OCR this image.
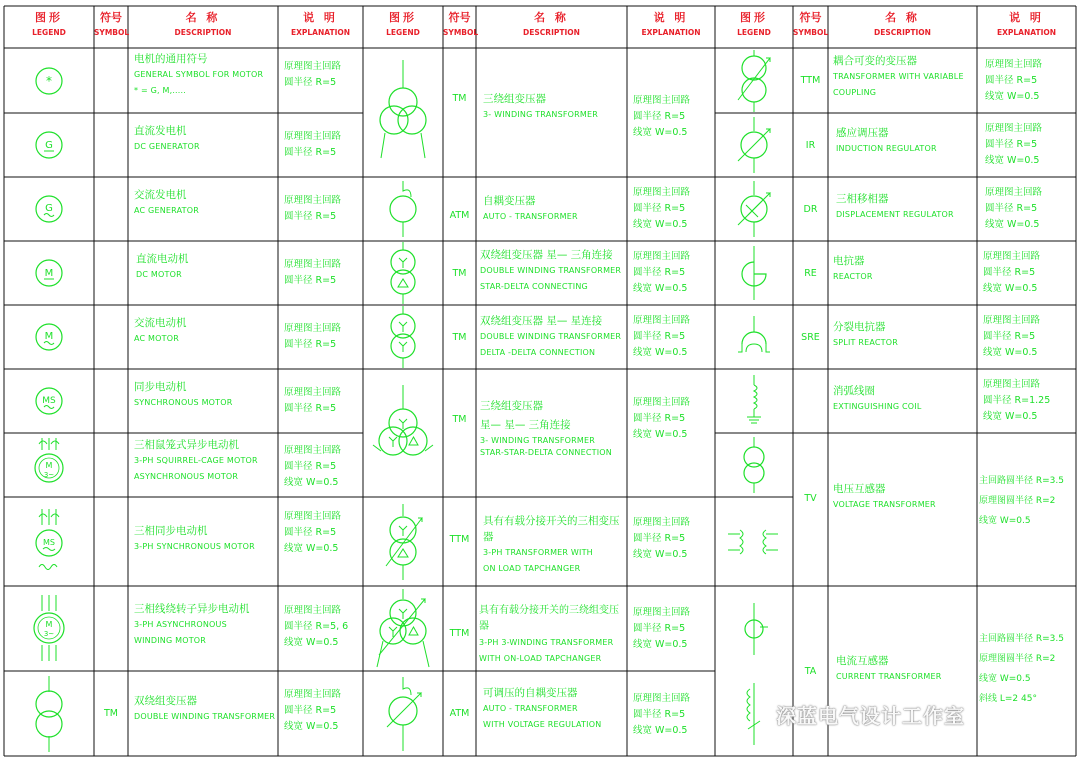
图形
LEGEND
符号
SYMBOL
名 称
DESCRIPTION
说 明
EXPLANATION
图形
LEGEND
符号
SYMBOL
名 称
DESCRIPTION
说 明
EXPLANATION
图形
LEGEND
符号
SYMBOL
名 称
DESCRIPTION
说 明
EXPLANATION
*
G
G
M
M
MS
M
3~
MS
M
3~
TM
电机的通用符号
GENERAL SYMBOL FOR MOTOR
* = G, M,.....
直流发电机
DC GENERATOR
交流发电机
AC GENERATOR
直流电动机
DC MOTOR
交流电动机
AC MOTOR
同步电动机
SYNCHRONOUS MOTOR
三相鼠笼式异步电动机
3-PH SQUIRREL-CAGE MOTOR
ASYNCHRONOUS MOTOR
三相同步电动机
3-PH SYNCHRONOUS MOTOR
三相线绕转子异步电动机
3-PH ASYNCHRONOUS
WINDING MOTOR
双绕组变压器
DOUBLE WINDING TRANSFORMER
原理图主回路
圆半径 R=5
原理图主回路
圆半径 R=5
原理图主回路
圆半径 R=5
原理图主回路
圆半径 R=5
原理图主回路
圆半径 R=5
原理图主回路
圆半径 R=5
原理图主回路
圆半径 R=5
线宽 W=0.5
原理图主回路
圆半径 R=5
线宽 W=0.5
原理图主回路
圆半径 R=5, 6
线宽 W=0.5
原理图主回路
圆半径 R=5
线宽 W=0.5
TM
ATM
TM
TM
TM
TTM
TTM
ATM
三绕组变压器
3- WINDING TRANSFORMER
自耦变压器
AUTO - TRANSFORMER
双绕组变压器 星— 三角连接
DOUBLE WINDING TRANSFORMER
STAR-DELTA CONNECTING
双绕组变压器 星— 星连接
DOUBLE WINDING TRANSFORMER
DELTA -DELTA CONNECTION
三绕组变压器
星— 星— 三角连接
3- WINDING TRANSFORMER
STAR-STAR-DELTA CONNECTION
具有有载分接开关的三相变压器
3-PH TRANSFORMER WITH
ON LOAD TAPCHANGER
具有有载分接开关的三绕组变压器
3-PH 3-WINDING TRANSFORMER
WITH ON-LOAD TAPCHANGER
可调压的自耦变压器
AUTO - TRANSFORMER
WITH VOLTAGE REGULATION
原理图主回路
圆半径 R=5
线宽 W=0.5
原理图主回路
圆半径 R=5
线宽 W=0.5
原理图主回路
圆半径 R=5
线宽 W=0.5
原理图主回路
圆半径 R=5
线宽 W=0.5
原理图主回路
圆半径 R=5
线宽 W=0.5
原理图主回路
圆半径 R=5
线宽 W=0.5
原理图主回路
圆半径 R=5
线宽 W=0.5
原理图主回路
圆半径 R=5
线宽 W=0.5
TTM
IR
DR
RE
SRE
TV
TA
耦合可变的变压器
TRANSFORMER WITH VARIABLE
COUPLING
感应调压器
INDUCTION REGULATOR
三相移相器
DISPLACEMENT REGULATOR
电抗器
REACTOR
分裂电抗器
SPLIT REACTOR
消弧线圈
EXTINGUISHING COIL
电压互感器
VOLTAGE TRANSFORMER
电流互感器
CURRENT TRANSFORMER
原理图主回路
圆半径 R=5
线宽 W=0.5
原理图主回路
圆半径 R=5
线宽 W=0.5
原理图主回路
圆半径 R=5
线宽 W=0.5
原理图主回路
圆半径 R=5
线宽 W=0.5
原理图主回路
圆半径 R=5
线宽 W=0.5
原理图主回路
圆半径 R=1.25
线宽 W=0.5
主回路圆半径 R=3.5
原理图圆半径 R=2
线宽 W=0.5
主回路圆半径 R=3.5
原理图圆半径 R=2
线宽 W=0.5
斜线 L=2 45°
深蓝电气设计工作室
